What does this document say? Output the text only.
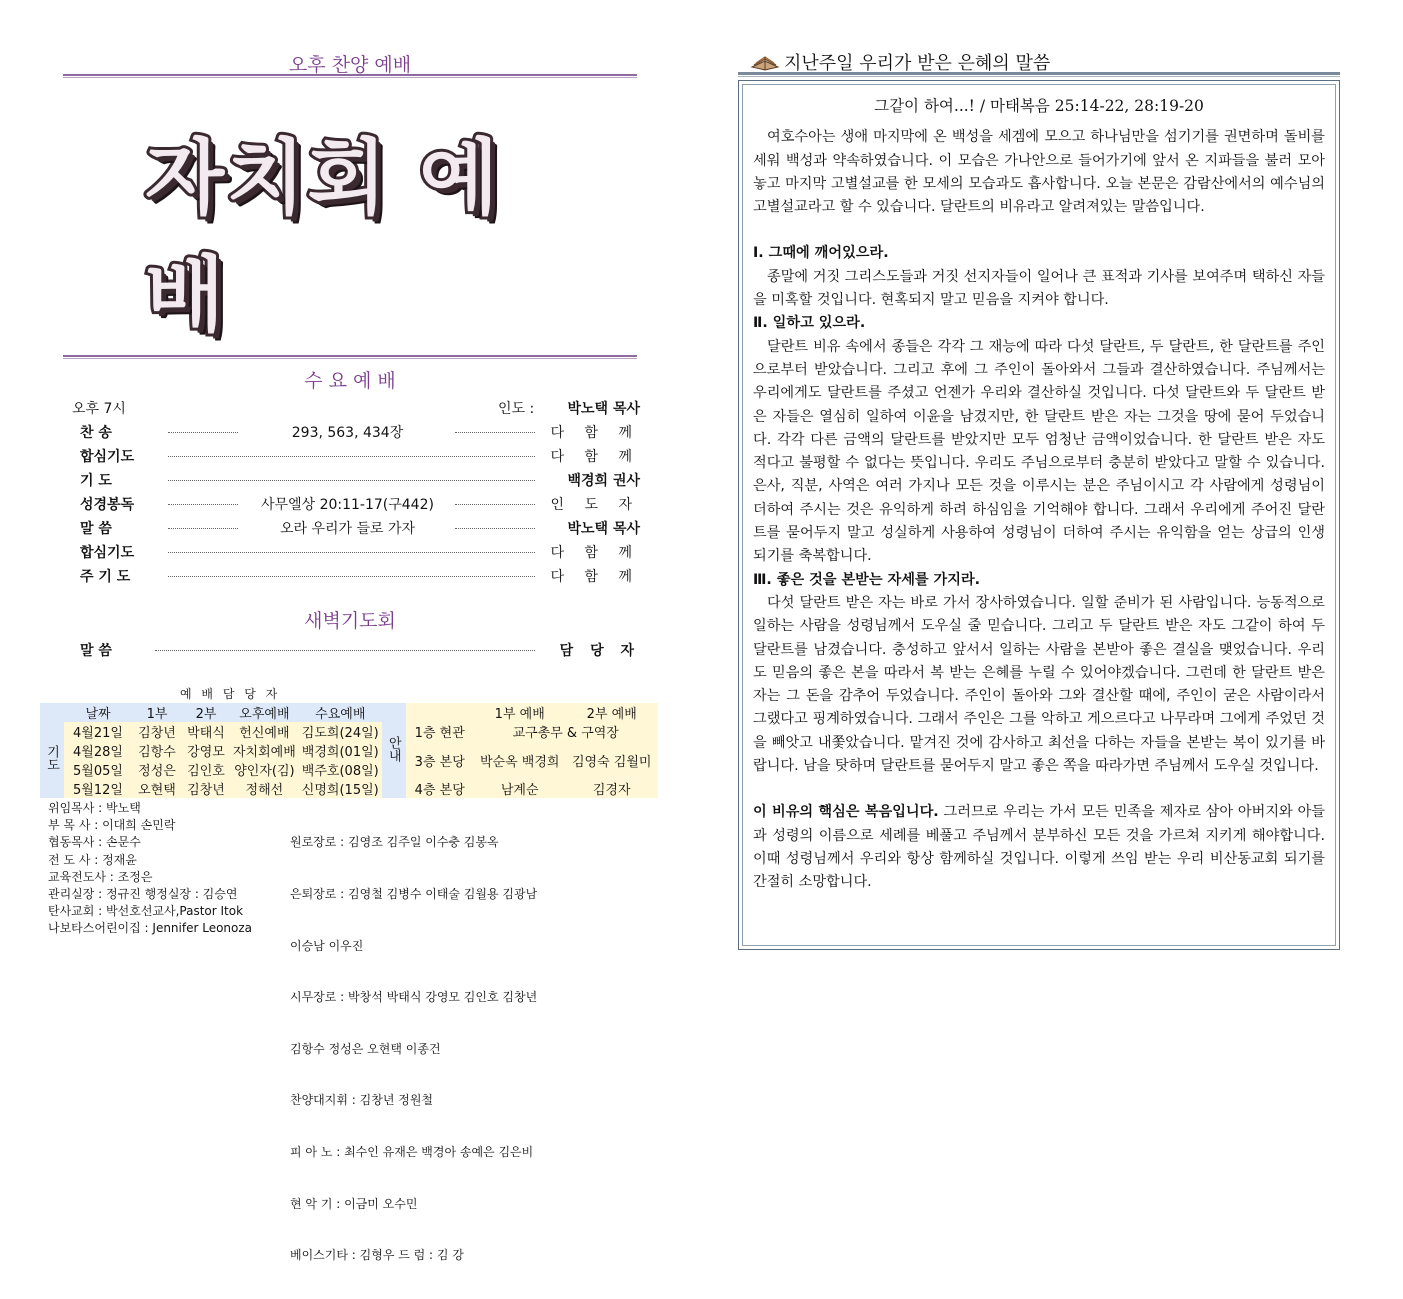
오후 찬양 예배
자치회 예배
수 요 예 배
오후 7시	인도 :	박노택 목사
찬 송	293, 563, 434장	다 함 께
합심기도	다 함 께
기 도	백경희 권사
성경봉독	사무엘상 20:11-17(구442)	인 도 자
말 씀	오라 우리가 들로 가자	박노택 목사
합심기도	다 함 께
주 기 도	다 함 께
새벽기도회
말 씀	담 당 자
예 배 담 당 자
	날짜	1부	2부	오후예배	수요예배	안내		1부 예배	2부 예배
기도	4월21일	김창년	박태식	헌신예배	김도희(24일)		1층 현관	교구총무 & 구역장	
	4월28일	김항수	강영모	자치회예배	백경희(01일)		3층 본당	박순옥 백경희	김영숙 김월미
	5월05일	정성은	김인호	양인자(김)	백주호(08일)				
	5월12일	오현택	김창년	정해선	신명희(15일)		4층 본당	남계순	김경자
위임목사 : 박노택
부 목 사 : 이대희 손민락
협동목사 : 손문수
전 도 사 : 정재윤
교육전도사 : 조정은
관리실장 : 정규진 행정실장 : 김승연
탄사교회 : 박선호선교사,Pastor Itok
나보타스어린이집 : Jennifer Leonoza

원로장로 : 김영조 김주일 이수충 김봉옥

은퇴장로 : 김영철 김병수 이태술 김월용 김광남

이승남 이우진

시무장로 : 박창석 박태식 강영모 김인호 김창년

김항수 정성은 오현택 이종건

찬양대지휘 : 김창년 정원철

피 아 노 : 최수인 유재은 백경아 송예은 김은비

현 악 기 : 이금미 오수민

베이스기타 : 김형우 드 럼 : 김 강

지난주일 우리가 받은 은혜의 말씀

그같이 하여...! / 마태복음 25:14-22, 28:19-20

여호수아는 생애 마지막에 온 백성을 세겜에 모으고 하나님만을 섬기기를 권면하며 돌비를 세워 백성과 약속하였습니다. 이 모습은 가나안으로 들어가기에 앞서 온 지파들을 불러 모아 놓고 마지막 고별설교를 한 모세의 모습과도 흡사합니다. 오늘 본문은 감람산에서의 예수님의 고별설교라고 할 수 있습니다. 달란트의 비유라고 알려져있는 말씀입니다.

Ⅰ. 그때에 깨어있으라.

종말에 거짓 그리스도들과 거짓 선지자들이 일어나 큰 표적과 기사를 보여주며 택하신 자들을 미혹할 것입니다. 현혹되지 말고 믿음을 지켜야 합니다.

Ⅱ. 일하고 있으라.

달란트 비유 속에서 종들은 각각 그 재능에 따라 다섯 달란트, 두 달란트, 한 달란트를 주인으로부터 받았습니다. 그리고 후에 그 주인이 돌아와서 그들과 결산하였습니다. 주님께서는 우리에게도 달란트를 주셨고 언젠가 우리와 결산하실 것입니다. 다섯 달란트와 두 달란트 받은 자들은 열심히 일하여 이윤을 남겼지만, 한 달란트 받은 자는 그것을 땅에 묻어 두었습니다. 각각 다른 금액의 달란트를 받았지만 모두 엄청난 금액이었습니다. 한 달란트 받은 자도 적다고 불평할 수 없다는 뜻입니다. 우리도 주님으로부터 충분히 받았다고 말할 수 있습니다. 은사, 직분, 사역은 여러 가지나 모든 것을 이루시는 분은 주님이시고 각 사람에게 성령님이 더하여 주시는 것은 유익하게 하려 하심임을 기억해야 합니다. 그래서 우리에게 주어진 달란트를 묻어두지 말고 성실하게 사용하여 성령님이 더하여 주시는 유익함을 얻는 상급의 인생 되기를 축복합니다.

Ⅲ. 좋은 것을 본받는 자세를 가지라.

다섯 달란트 받은 자는 바로 가서 장사하였습니다. 일할 준비가 된 사람입니다. 능동적으로 일하는 사람을 성령님께서 도우실 줄 믿습니다. 그리고 두 달란트 받은 자도 그같이 하여 두 달란트를 남겼습니다. 충성하고 앞서서 일하는 사람을 본받아 좋은 결실을 맺었습니다. 우리도 믿음의 좋은 본을 따라서 복 받는 은혜를 누릴 수 있어야겠습니다. 그런데 한 달란트 받은 자는 그 돈을 감추어 두었습니다. 주인이 돌아와 그와 결산할 때에, 주인이 굳은 사람이라서 그랬다고 핑계하였습니다. 그래서 주인은 그를 악하고 게으르다고 나무라며 그에게 주었던 것을 빼앗고 내쫓았습니다. 맡겨진 것에 감사하고 최선을 다하는 자들을 본받는 복이 있기를 바랍니다. 남을 탓하며 달란트를 묻어두지 말고 좋은 쪽을 따라가면 주님께서 도우실 것입니다.

이 비유의 핵심은 복음입니다. 그러므로 우리는 가서 모든 민족을 제자로 삼아 아버지와 아들과 성령의 이름으로 세례를 베풀고 주님께서 분부하신 모든 것을 가르쳐 지키게 해야합니다. 이때 성령님께서 우리와 항상 함께하실 것입니다. 이렇게 쓰임 받는 우리 비산동교회 되기를 간절히 소망합니다.
